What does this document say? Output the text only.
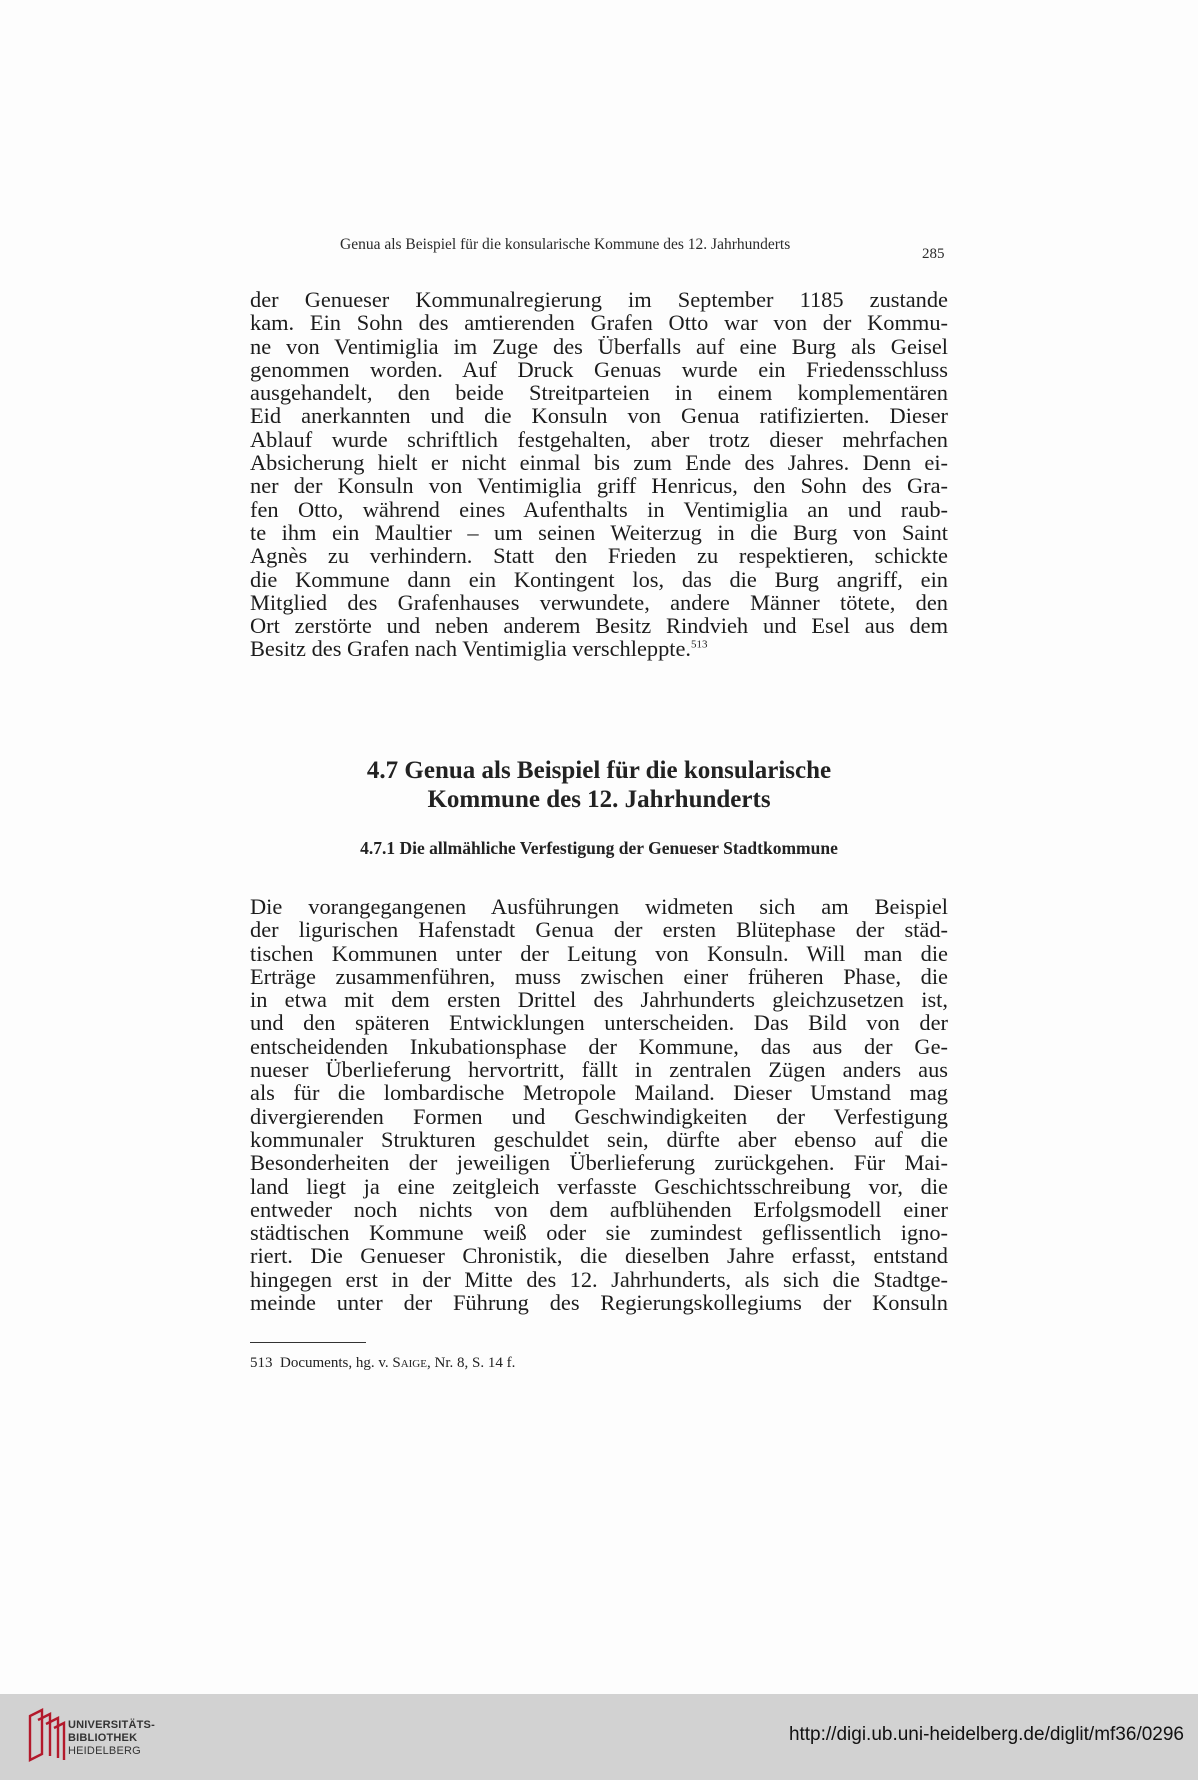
Genua als Beispiel für die konsularische Kommune des 12. Jahrhunderts
285
der Genueser Kommunalregierung im September 1185 zustande
kam. Ein Sohn des amtierenden Grafen Otto war von der Kommu-
ne von Ventimiglia im Zuge des Überfalls auf eine Burg als Geisel
genommen worden. Auf Druck Genuas wurde ein Friedensschluss
ausgehandelt, den beide Streitparteien in einem komplementären
Eid anerkannten und die Konsuln von Genua ratifizierten. Dieser
Ablauf wurde schriftlich festgehalten, aber trotz dieser mehrfachen
Absicherung hielt er nicht einmal bis zum Ende des Jahres. Denn ei-
ner der Konsuln von Ventimiglia griff Henricus, den Sohn des Gra-
fen Otto, während eines Aufenthalts in Ventimiglia an und raub-
te ihm ein Maultier – um seinen Weiterzug in die Burg von Saint
Agnès zu verhindern. Statt den Frieden zu respektieren, schickte
die Kommune dann ein Kontingent los, das die Burg angriff, ein
Mitglied des Grafenhauses verwundete, andere Männer tötete, den
Ort zerstörte und neben anderem Besitz Rindvieh und Esel aus dem
Besitz des Grafen nach Ventimiglia verschleppte.$^{513}$
4.7 Genua als Beispiel für die konsularische
Kommune des 12. Jahrhunderts
4.7.1 Die allmähliche Verfestigung der Genueser Stadtkommune
Die vorangegangenen Ausführungen widmeten sich am Beispiel
der ligurischen Hafenstadt Genua der ersten Blütephase der städ-
tischen Kommunen unter der Leitung von Konsuln. Will man die
Erträge zusammenführen, muss zwischen einer früheren Phase, die
in etwa mit dem ersten Drittel des Jahrhunderts gleichzusetzen ist,
und den späteren Entwicklungen unterscheiden. Das Bild von der
entscheidenden Inkubationsphase der Kommune, das aus der Ge-
nueser Überlieferung hervortritt, fällt in zentralen Zügen anders aus
als für die lombardische Metropole Mailand. Dieser Umstand mag
divergierenden Formen und Geschwindigkeiten der Verfestigung
kommunaler Strukturen geschuldet sein, dürfte aber ebenso auf die
Besonderheiten der jeweiligen Überlieferung zurückgehen. Für Mai-
land liegt ja eine zeitgleich verfasste Geschichtsschreibung vor, die
entweder noch nichts von dem aufblühenden Erfolgsmodell einer
städtischen Kommune weiß oder sie zumindest geflissentlich igno-
riert. Die Genueser Chronistik, die dieselben Jahre erfasst, entstand
hingegen erst in der Mitte des 12. Jahrhunderts, als sich die Stadtge-
meinde unter der Führung des Regierungskollegiums der Konsuln
513 Documents, hg. v. Saige, Nr. 8, S. 14 f.
UNIVERSITÄTS-
BIBLIOTHEK
HEIDELBERG
http://digi.ub.uni-heidelberg.de/diglit/mf36/0296
